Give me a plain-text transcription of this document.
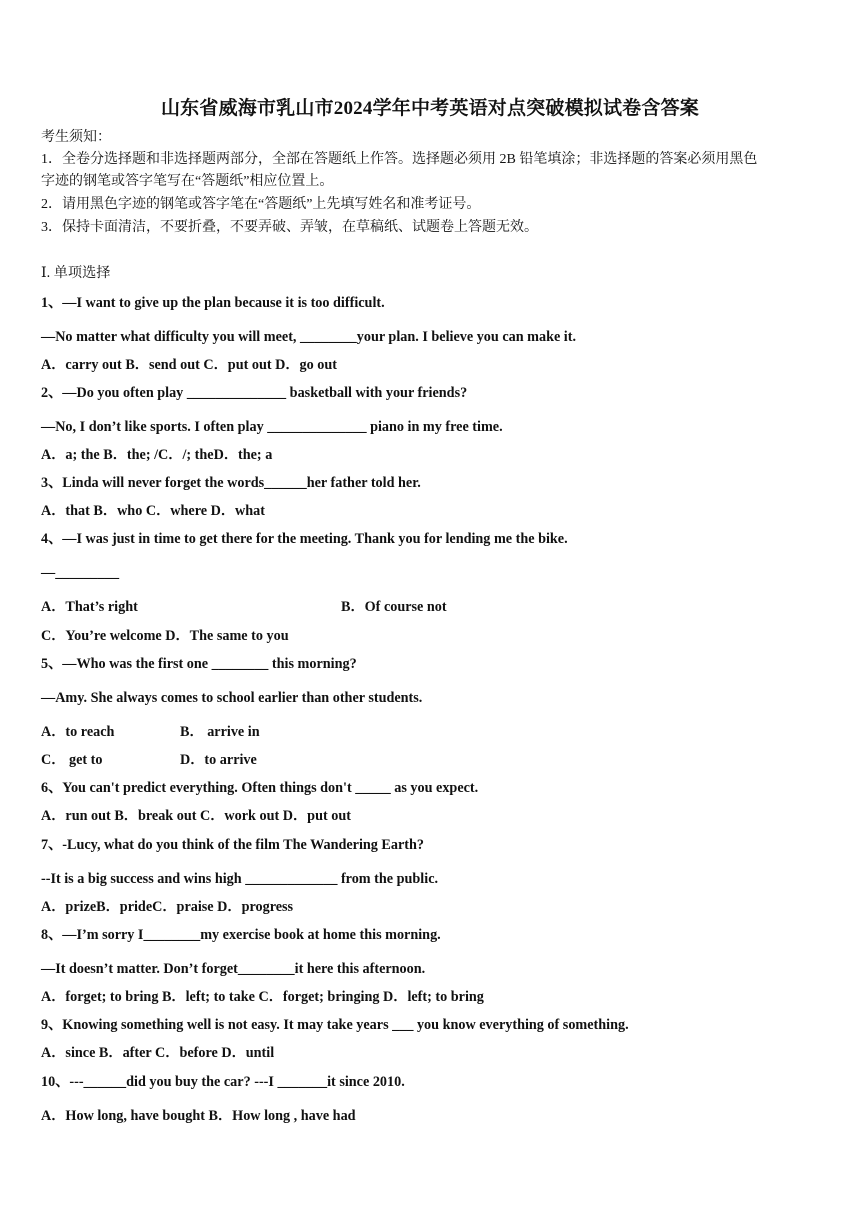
山东省威海市乳山市2024学年中考英语对点突破模拟试卷含答案
考生须知：
1．全卷分选择题和非选择题两部分，全部在答题纸上作答。选择题必须用 2B 铅笔填涂；非选择题的答案必须用黑色
字迹的钢笔或答字笔写在“答题纸”相应位置上。
2．请用黑色字迹的钢笔或答字笔在“答题纸”上先填写姓名和准考证号。
3．保持卡面清洁，不要折叠，不要弄破、弄皱，在草稿纸、试题卷上答题无效。
Ⅰ. 单项选择
1、—I want to give up the plan because it is too difficult.
—No matter what difficulty you will meet, ________your plan. I believe you can make it.
A．carry out B．send out C．put out D．go out
2、—Do you often play ______________ basketball with your friends?
—No, I don’t like sports. I often play ______________ piano in my free time.
A．a; the B．the; /C．/; theD．the; a
3、Linda will never forget the words______her father told her.
A．that B．who C．where D．what
4、—I was just in time to get there for the meeting. Thank you for lending me the bike.
—_________
A．That’s right	B．Of course not
C．You’re welcome D．The same to you
5、—Who was the first one ________ this morning?
—Amy. She always comes to school earlier than other students.
A．to reach	B． arrive in
C． get to	D．to arrive
6、You can't predict everything. Often things don't _____ as you expect.
A．run out B．break out C．work out D．put out
7、-Lucy, what do you think of the film The Wandering Earth?
--It is a big success and wins high _____________ from the public.
A．prizeB．prideC．praise D．progress
8、—I’m sorry I________my exercise book at home this morning.
—It doesn’t matter. Don’t forget________it here this afternoon.
A．forget; to bring B．left; to take C．forget; bringing D．left; to bring
9、Knowing something well is not easy. It may take years ___ you know everything of something.
A．since B．after C．before D．until
10、---______did you buy the car? ---I _______it since 2010.
A．How long, have bought B．How long , have had
